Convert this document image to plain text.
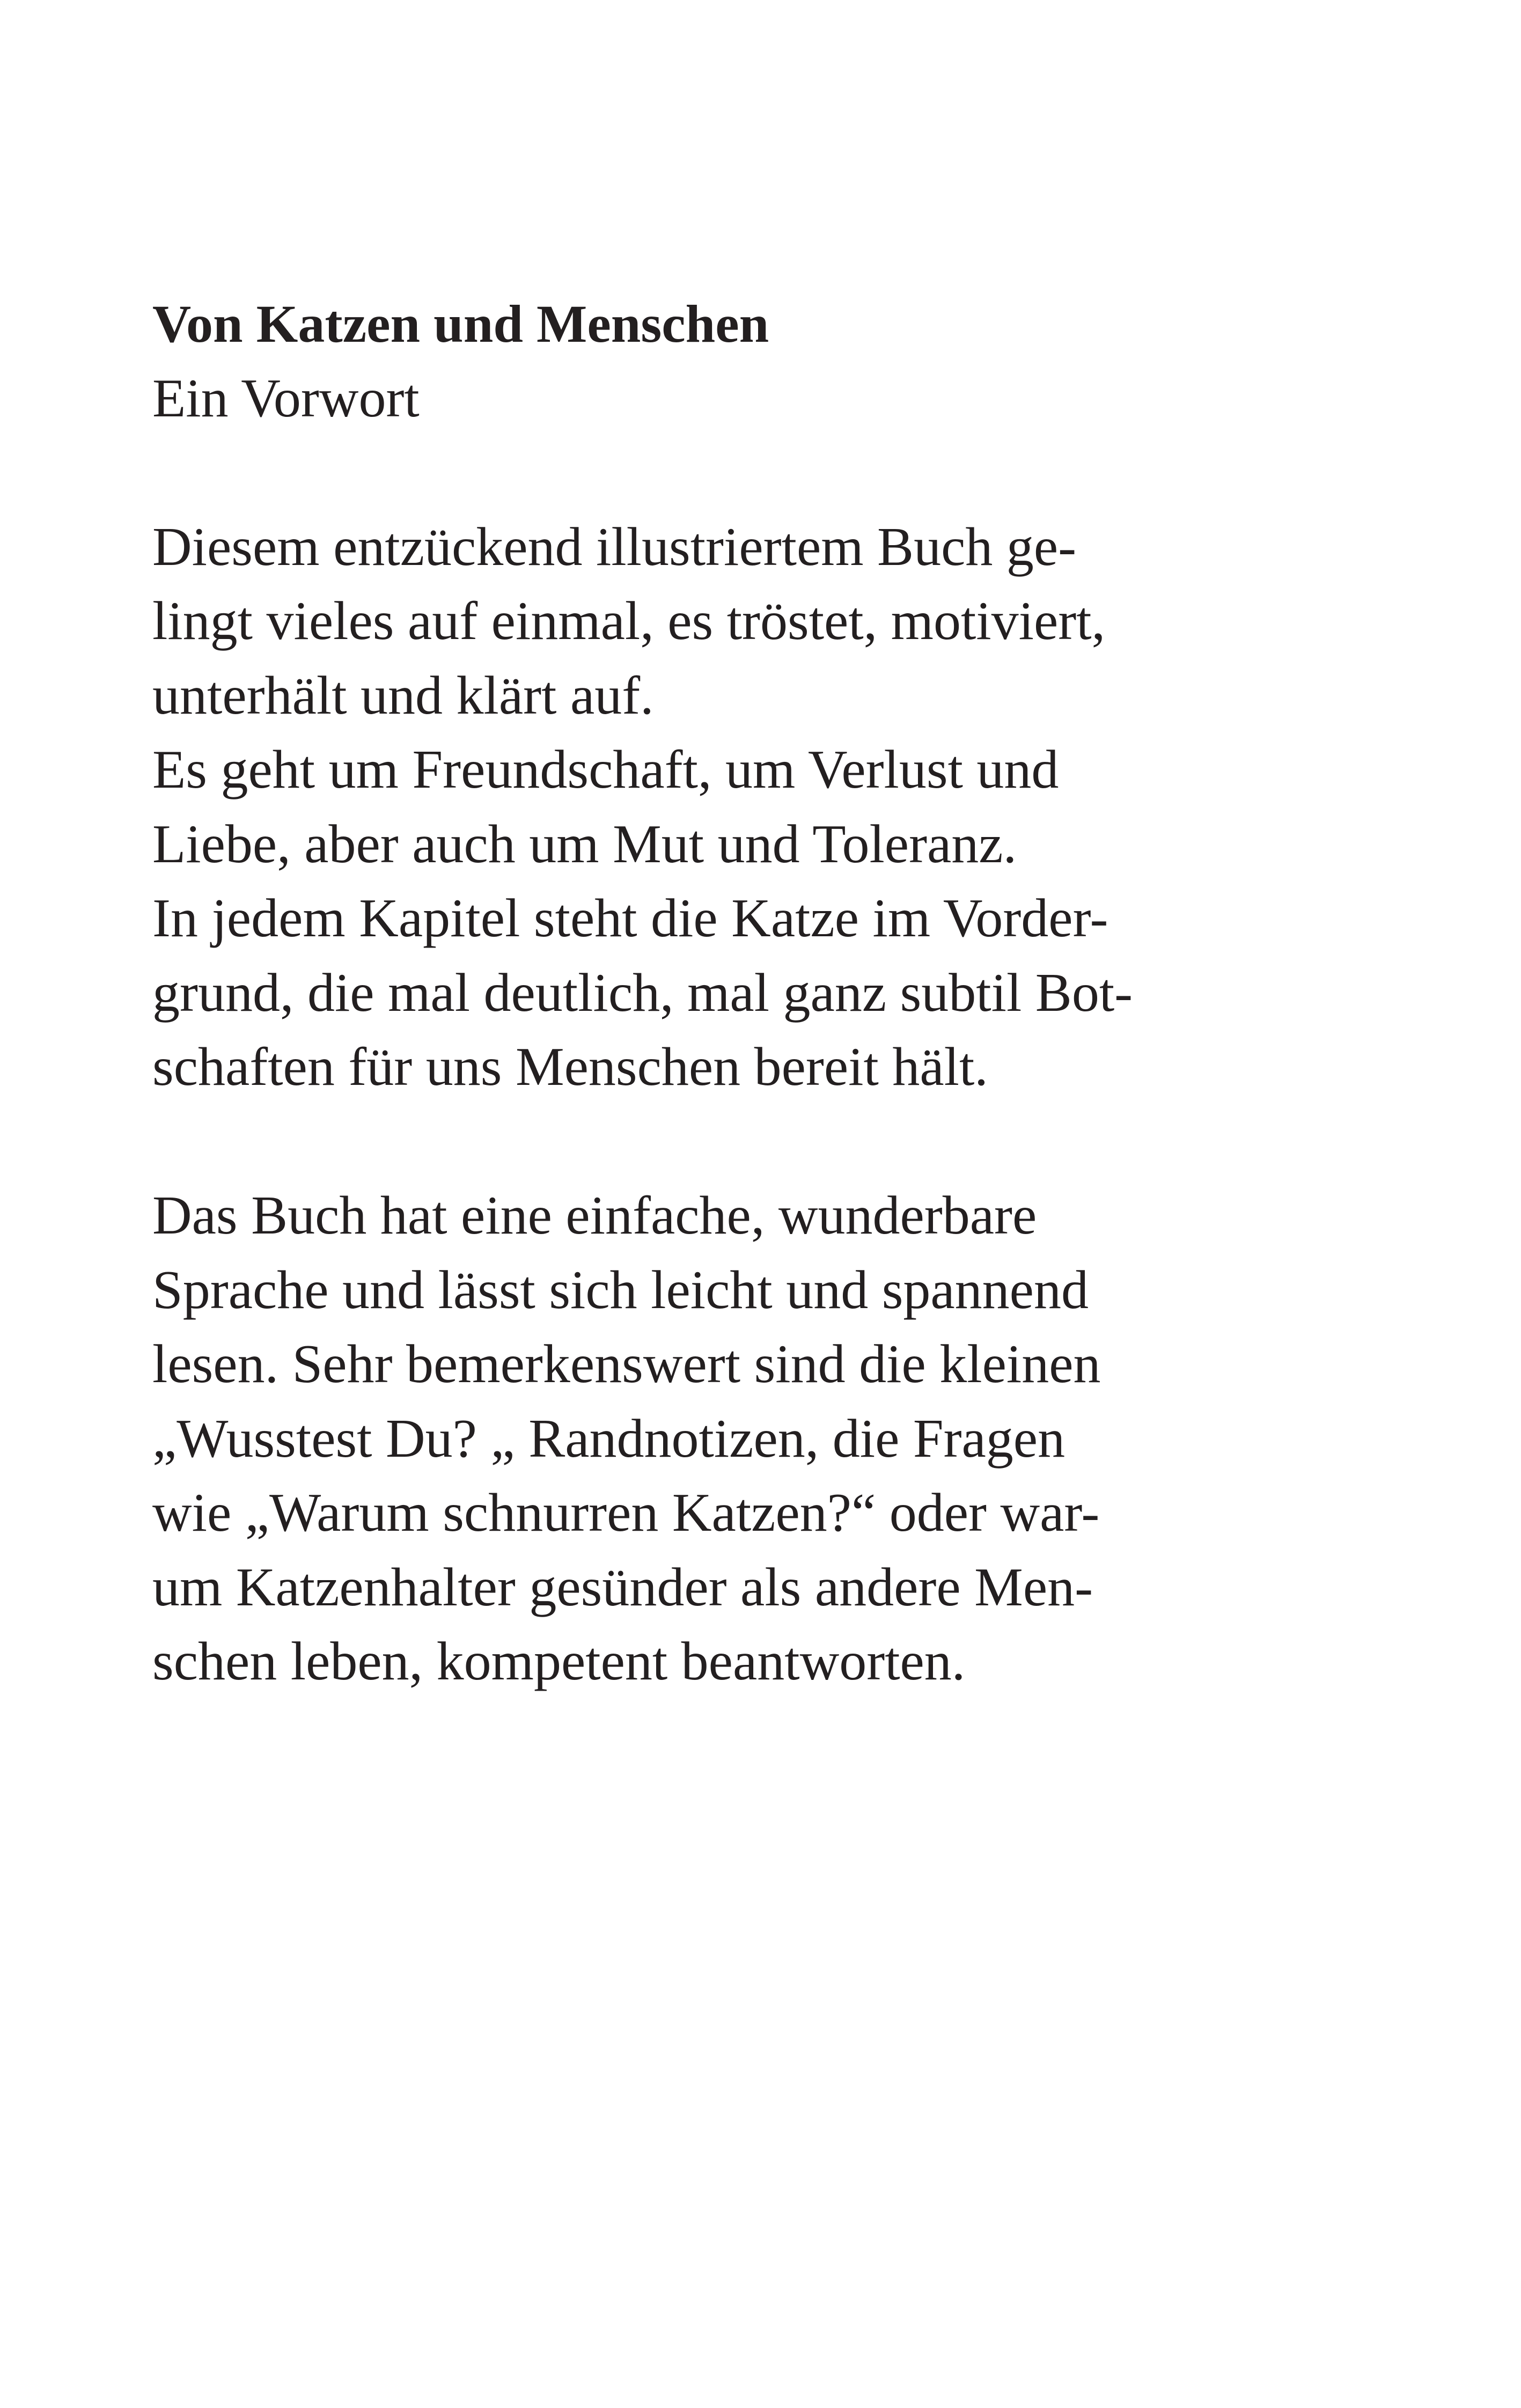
Von Katzen und Menschen
Ein Vorwort
Diesem entzückend illustriertem Buch ge-
lingt vieles auf einmal, es tröstet, motiviert,
unterhält und klärt auf.
Es geht um Freundschaft, um Verlust und
Liebe, aber auch um Mut und Toleranz.
In jedem Kapitel steht die Katze im Vorder-
grund, die mal deutlich, mal ganz subtil Bot-
schaften für uns Menschen bereit hält.
Das Buch hat eine einfache, wunderbare
Sprache und lässt sich leicht und spannend
lesen. Sehr bemerkenswert sind die kleinen
„Wusstest Du? „ Randnotizen, die Fragen
wie „Warum schnurren Katzen?“ oder war-
um Katzenhalter gesünder als andere Men-
schen leben, kompetent beantworten.
